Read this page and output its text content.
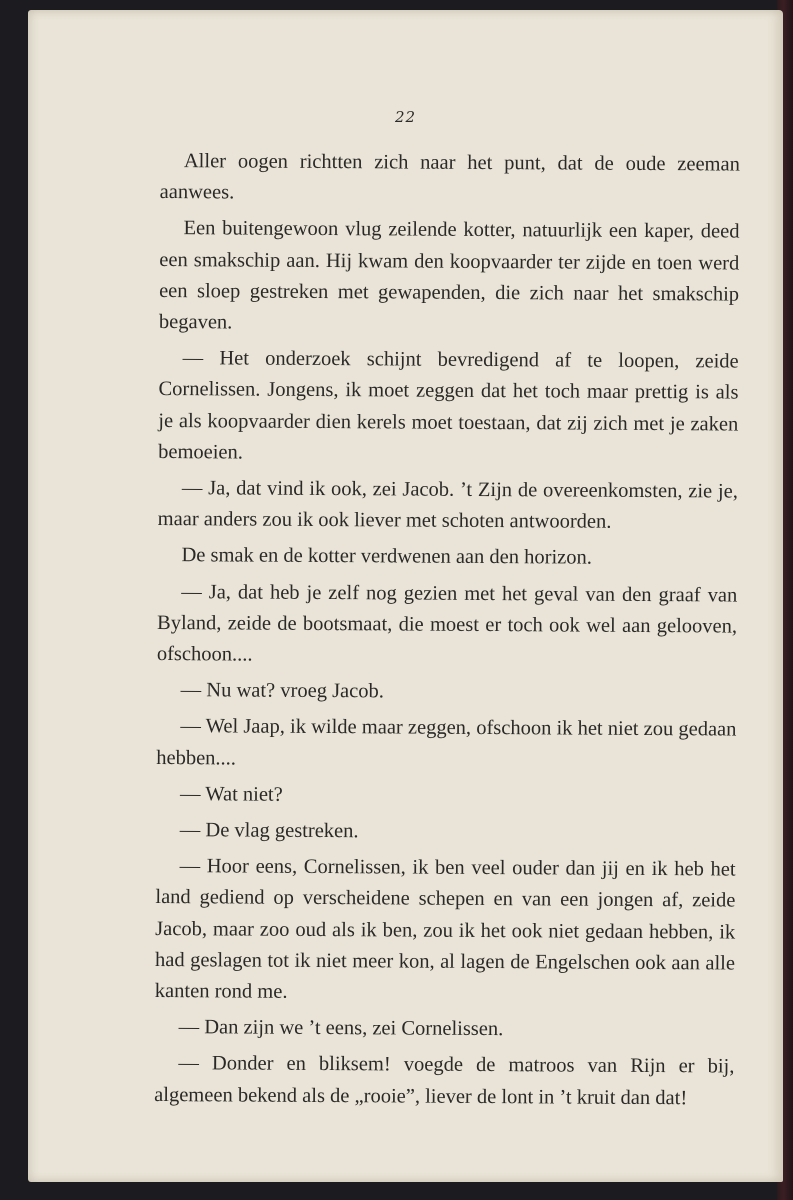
22

Aller oogen richtten zich naar het punt, dat de oude zeeman aanwees.

Een buitengewoon vlug zeilende kotter, natuurlijk een kaper, deed een smakschip aan. Hij kwam den koopvaarder ter zijde en toen werd een sloep gestreken met gewapenden, die zich naar het smakschip begaven.

— Het onderzoek schijnt bevredigend af te loopen, zeide Cornelissen. Jongens, ik moet zeggen dat het toch maar prettig is als je als koopvaarder dien kerels moet toestaan, dat zij zich met je zaken bemoeien.

— Ja, dat vind ik ook, zei Jacob. ’t Zijn de overeenkomsten, zie je, maar anders zou ik ook liever met schoten antwoorden.

De smak en de kotter verdwenen aan den horizon.

— Ja, dat heb je zelf nog gezien met het geval van den graaf van Byland, zeide de bootsmaat, die moest er toch ook wel aan gelooven, ofschoon....

— Nu wat? vroeg Jacob.

— Wel Jaap, ik wilde maar zeggen, ofschoon ik het niet zou gedaan hebben....

— Wat niet?

— De vlag gestreken.

— Hoor eens, Cornelissen, ik ben veel ouder dan jij en ik heb het land gediend op verscheidene schepen en van een jongen af, zeide Jacob, maar zoo oud als ik ben, zou ik het ook niet gedaan hebben, ik had geslagen tot ik niet meer kon, al lagen de Engelschen ook aan alle kanten rond me.

— Dan zijn we ’t eens, zei Cornelissen.

— Donder en bliksem! voegde de matroos van Rijn er bij, algemeen bekend als de „rooie”, liever de lont in ’t kruit dan dat!
